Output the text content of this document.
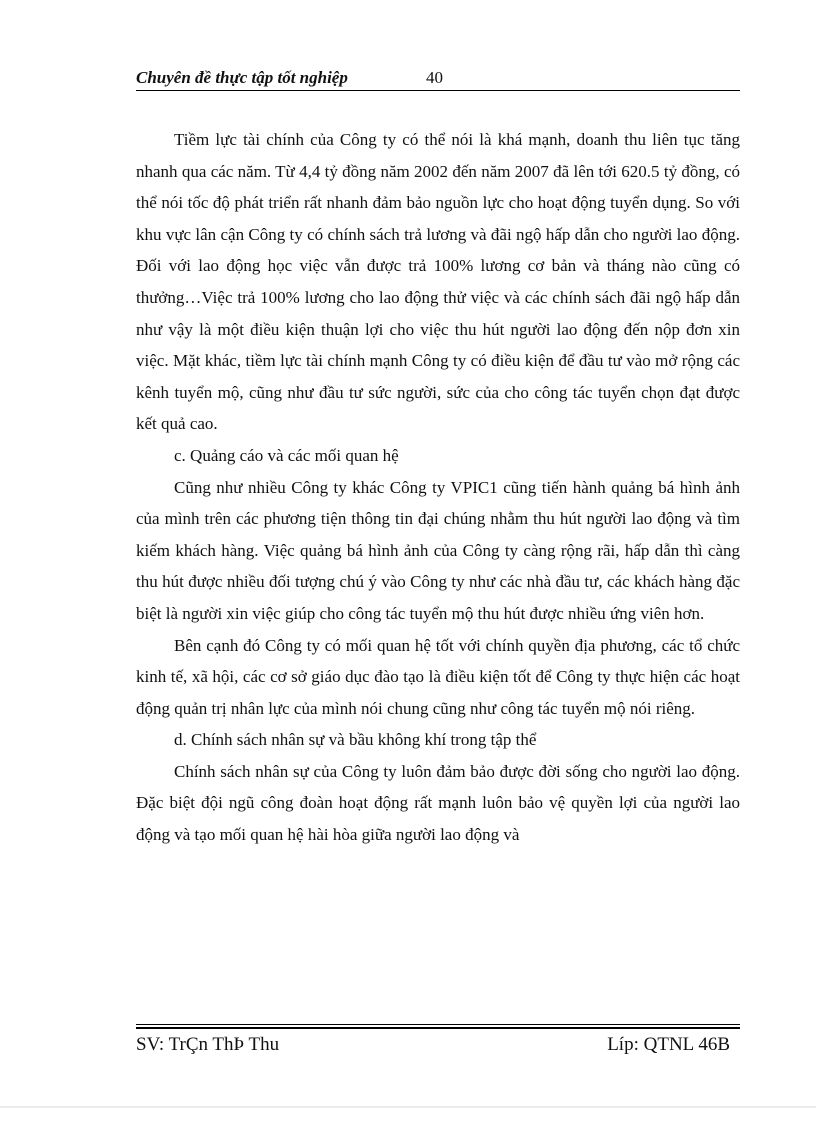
Chuyên đề thực tập tốt nghiệp	40

Tiềm lực tài chính của Công ty có thể nói là khá mạnh, doanh thu liên tục tăng nhanh qua các năm. Từ 4,4 tỷ đồng năm 2002 đến năm 2007 đã lên tới 620.5 tỷ đồng, có thể nói tốc độ phát triển rất nhanh đảm bảo nguồn lực cho hoạt động tuyển dụng. So với khu vực lân cận Công ty có chính sách trả lương và đãi ngộ hấp dẫn cho người lao động. Đối với lao động học việc vẫn được trả 100% lương cơ bản và tháng nào cũng có thưởng…Việc trả 100% lương cho lao động thử việc và các chính sách đãi ngộ hấp dẫn như vậy là một điều kiện thuận lợi cho việc thu hút người lao động đến nộp đơn xin việc. Mặt khác, tiềm lực tài chính mạnh Công ty có điều kiện để đầu tư vào mở rộng các kênh tuyển mộ, cũng như đầu tư sức người, sức của cho công tác tuyển chọn đạt được kết quả cao.

c. Quảng cáo và các mối quan hệ

Cũng như nhiều Công ty khác Công ty VPIC1 cũng tiến hành quảng bá hình ảnh của mình trên các phương tiện thông tin đại chúng nhằm thu hút người lao động và tìm kiếm khách hàng. Việc quảng bá hình ảnh của Công ty càng rộng rãi, hấp dẫn thì càng thu hút được nhiều đối tượng chú ý vào Công ty như các nhà đầu tư, các khách hàng đặc biệt là người xin việc giúp cho công tác tuyển mộ thu hút được nhiều ứng viên hơn.

Bên cạnh đó Công ty có mối quan hệ tốt với chính quyền địa phương, các tổ chức kinh tế, xã hội, các cơ sở giáo dục đào tạo là điều kiện tốt để Công ty thực hiện các hoạt động quản trị nhân lực của mình nói chung cũng như công tác tuyển mộ nói riêng.

d. Chính sách nhân sự và bầu không khí trong tập thể

Chính sách nhân sự của Công ty luôn đảm bảo được đời sống cho người lao động. Đặc biệt đội ngũ công đoàn hoạt động rất mạnh luôn bảo vệ quyền lợi của người lao động và tạo mối quan hệ hài hòa giữa người lao động và

SV: TrÇn ThÞ Thu	Líp: QTNL 46B
